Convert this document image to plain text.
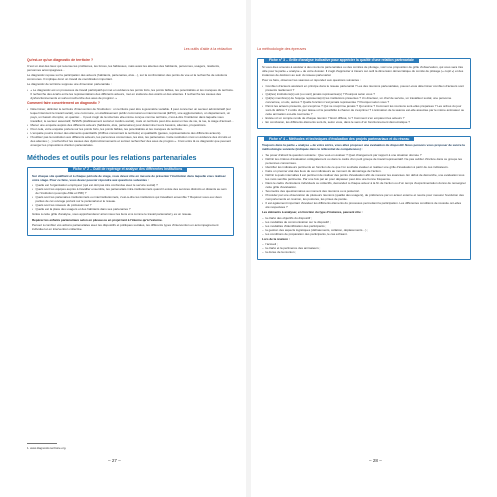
Les outils d'aide à la rédaction
Qu'est-ce qu'un diagnostic de territoire ?
C'est un état des lieux qui recense les problèmes, les forces, les faiblesses, mais aussi les attentes des habitants, personnes, usagers, résidents, personnes accompagnées…
Le diagnostic repose sur la participation des acteurs (habitants, partenaires, élus…), sur la confrontation des points de vue et la recherche de solutions communes. Il implique donc un travail de coordination important.
Le diagnostic de territoire suppose une dimension partenariale :
• « Le diagnostic est un processus de travail participatif qui met en évidence les points forts, les points faibles, les potentialités et les manques du territoire. Il recherche des écarts entre les représentations des différents acteurs, met en évidence des écarts et des attentes. Il recherche les causes des dysfonctionnements et surtout recherche des axes de progrès¹. »
Comment faire concrètement un diagnostic ?
• Déterminer, délimiter le territoire d'intervention de l'institution : un territoire peut être à géométrie variable. Il peut concerner un secteur administratif (sur lequel intervient le travail social), une commune, un établissement public communal ou intercommunal (EPCI), une agglomération, un département, un pays, un bassin d'emploi, un quartier… Il peut s'agir de la structure elle-même conçue comme territoire, c'est-à-dire l'institution dans laquelle vous travaillez, le secteur associatif, l'ESMS (établissement social et médico-social), mais un territoire peut être aussi un lieu de vie, la rue, le stage d'accueil…
• Mener une enquête auprès des différents acteurs (habitants, élus, partenaires) pour déterminer leurs besoins, attentes, propositions.
• Pour cela, votre enquête portera sur les points forts, les points faibles, les potentialités et les manques du territoire.
• L'enquête pourra croiser des éléments quantitatifs (chiffres concernant le territoire) et qualitatifs (gestes, représentations des différents acteurs).
• N'oubliez pas la restitution aux différents acteurs, les personnes concernées, les élus, les partenaires. Cette restitution n'est un évidence des circuits et des attentes (…) recherchez les causes des dysfonctionnements et surtout recherchez des axes de progrès ». C'est entre là ce diagnostic que peuvent émerger les propositions d'action partenariales.
Méthodes et outils pour les relations partenariales
Fiche n° 2 – Outil de repérage et analyse des différentes institutions
Sur chaque site qualifiant et à chaque période de stage, vous devez être en mesure de présenter l'institution dans laquelle vous réalisez votre stage. Pour ce faire, vous devez pouvoir répondre aux questions suivantes :
• Quelle est l'organisation employeur (qui est doit pas être confondue avec le service social) ?
• Quels sont les équipes auprès à travailler ensemble, les partenariats intra-institutionnels quand il existe des services distincts et distants au sein de l'institution (exemple ASE et PMI) ?
• Quels sont les partenaires institutionnels ou interinstitutionnels, c'est-à-dire les institutions qui travaillent ensemble ? Repérez-vous eux deux parties de cet ouvrage portant sur le partenariat et le réseau.
• Quels sont les réseaux du professionnel ?
• Quelle est la place des usagers et des habitants dans ses partenaires ?
Grâce à cette grille d'analyse, vous appréhenderez ainsi mieux les liens et à comme le travail partenarial y es un réseau.
Repérez les enfants partenariaux selon en plusau ou en projet tant à l'interne qu'à l'externe.
Pensez à combler vos actions partenariales avec les dispositifs et politiques sociales, les différents types d'intervention en accompagnement individuel et en intervention collective.
1. www.diagnostic-territoire.org.
– 27 –
La méthodologie des épreuves
Fiche n° 3 – Grille d'analyse indicative pour apprécier la qualité d'une relation partenariale
Si vous êtes amenés à assister à des réunions partenariales ou des comités de pilotage, voici une proposition de grille d'observation, qui vous sera très utile pour la partie « analyse » de votre dossier. Il s'agit d'apprécier à travers cet outil la dimension démocratique du comité de pilotage (« copil ») et des instances de décision au sein du réseau partenarial.
Pour ce faire, observez les séances et répondez aux questions suivantes :
• Combien d'acteurs assistent en principe dans le réseau partenarial ? Les des réunions partenariales, pouvez-vous déterminer combien d'acteurs sont présents réellement ?
• Qui(les) institutions(s) est (ou sont) jamais représentée(s) ? Pourquoi selon vous ?
• Qui(le) membre(s) de l'équipe représente(nt) les institutions présentes ? Un directeur, un chef de service, un travailleur social, une personne concernée, un élu, autres ? Quelle fonction n'est jamais représentée ? Pourquoi selon vous ?
• Parmi les acteurs présents, qui s'exprime ? Qui ne s'exprime jamais ? Qui anime ? Comment les réunions sont-elles préparées ? Les ordres du jour sont-ils définis ? L'ordre du jour laisse-t-il la possibilité à chacun de s'exprimer ? L'animation de la séance est-elle associée par le même animateur ou cette animation est-elle tournante ?
• Existe-t-il un compte rendu de chaque réunion ? Est-il diffusé, lu ? Comment s'en emparent les acteurs ?
• En conclusion, les différents éléments sont-ils, selon vous, dans le sens d'un fonctionnement démocratique ?
Fiche n° 4 – Méthodes et techniques d'évaluation des projets partenariaux et du réseau
Toujours dans la partie « analyse » de votre écrire, vous allez proposer une évaluation du dispositif. Nous pensons vous proposer de suivre la méthodologie suivante (indiquée dans le référentiel de compétences) :
• Se poser d'abord la question suivante : Que veut-on évaluer ? Quel changement par rapport à une situation donnée ?
• Définir les critères d'évaluation collégialement ou dans le cadre d'un petit groupe de travail représentatif. Ne pas oublier d'inclure dans ce groupe les personnes concernées.
• Identifier les indicateurs pertinents en fonction de ce que l'on souhaite évaluer et réaliser une grille d'évaluation à partir de ces indicateurs.
• Faire un premier état des lieux de ces indicateurs au moment du démarrage de l'action.
• Définir à quels intervalles il est pertinent de réaliser des points d'évaluation afin de mesurer les avancées. En début de démarche, une évaluation tous les mois semble pertinente. Par une fois par an pour dépasser peut être une bonne fréquence.
• Dans le cadre d'entretiens individuels ou collectifs, demandez à chaque acteur à la fin de l'action ou d'un temps d'expérimentation donné de renseigner cette grille d'évaluation.
• Soumettre des questionnaires au moment des réunions ou à posteriori.
• Procéder par une observation de plusieurs réunions (qualité des usagers), de préférence par un acteur externe et neutre pour mesurer l'évolution des comportements en réunion, les postures, les prises de parole.
• Il est également important d'évaluer les différents éléments du processus permettant la participation. Les différentes conditions de réussite ont-elles été respectées ?
Les éléments à analyser, en fonction du type d'instance, peuvent être :
– la clarté des objectifs du dispositif ;
– les modalités de communication sur le dispositif ;
– les modalités d'identification des participants ;
– la gestion des aspects logistiques (défraiements, collation, déplacements…) ;
– les conditions de préparation des participants, le cas échéant.
Lors de la réunion :
– l'accueil ;
– la clarté et la pertinence des animateurs ;
– la durée de la réunion ;
– 28 –
